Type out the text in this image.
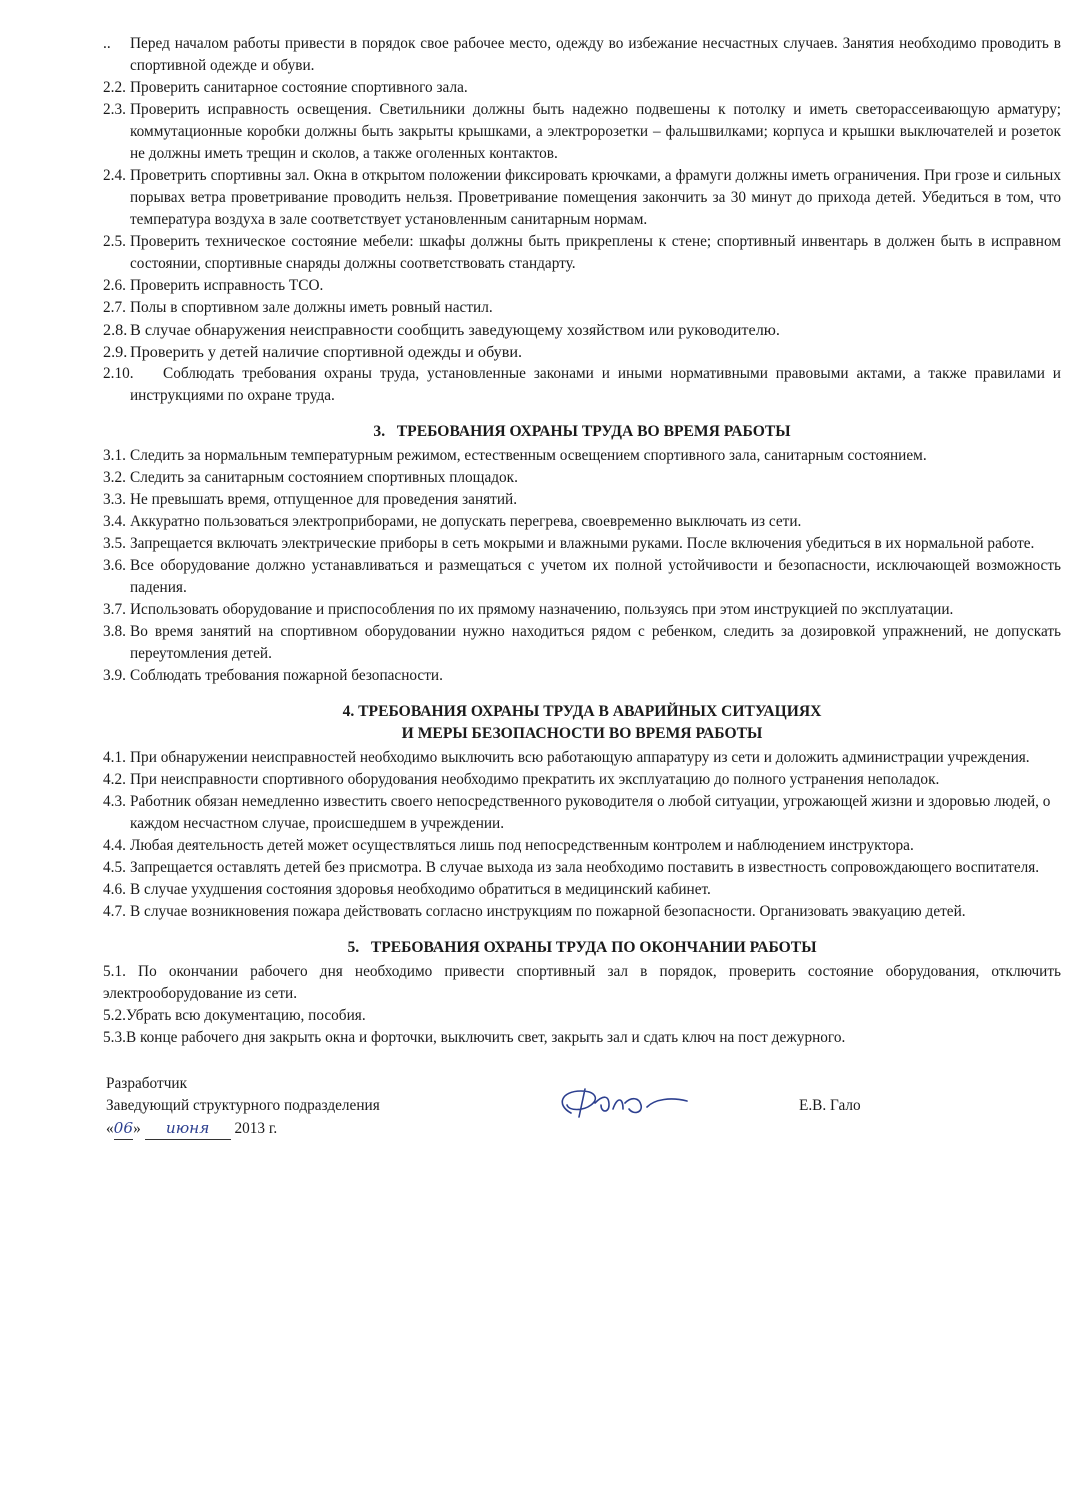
.. Перед началом работы привести в порядок свое рабочее место, одежду во избежание несчастных случаев. Занятия необходимо проводить в спортивной одежде и обуви.

2.2. Проверить санитарное состояние спортивного зала.

2.3. Проверить исправность освещения. Светильники должны быть надежно подвешены к потолку и иметь светорассеивающую арматуру; коммутационные коробки должны быть закрыты крышками, а электророзетки – фальшвилками; корпуса и крышки выключателей и розеток не должны иметь трещин и сколов, а также оголенных контактов.

2.4. Проветрить спортивны зал. Окна в открытом положении фиксировать крючками, а фрамуги должны иметь ограничения. При грозе и сильных порывах ветра проветривание проводить нельзя. Проветривание помещения закончить за 30 минут до прихода детей. Убедиться в том, что температура воздуха в зале соответствует установленным санитарным нормам.

2.5. Проверить техническое состояние мебели: шкафы должны быть прикреплены к стене; спортивный инвентарь в должен быть в исправном состоянии, спортивные снаряды должны соответствовать стандарту.

2.6. Проверить исправность ТСО.

2.7. Полы в спортивном зале должны иметь ровный настил.

2.8. В случае обнаружения неисправности сообщить заведующему хозяйством или руководителю.

2.9. Проверить у детей наличие спортивной одежды и обуви.

2.10. Соблюдать требования охраны труда, установленные законами и иными нормативными правовыми актами, а также правилами и инструкциями по охране труда.

3.   ТРЕБОВАНИЯ ОХРАНЫ ТРУДА ВО ВРЕМЯ РАБОТЫ

3.1. Следить за нормальным температурным режимом, естественным освещением спортивного зала, санитарным состоянием.

3.2. Следить за санитарным состоянием спортивных площадок.

3.3. Не превышать время, отпущенное для проведения занятий.

3.4. Аккуратно пользоваться электроприборами, не допускать перегрева, своевременно выключать из сети.

3.5. Запрещается включать электрические приборы в сеть мокрыми и влажными руками. После включения убедиться в их нормальной работе.

3.6. Все оборудование должно устанавливаться и размещаться с учетом их полной устойчивости и безопасности, исключающей возможность падения.

3.7. Использовать оборудование и приспособления по их прямому назначению, пользуясь при этом инструкцией по эксплуатации.

3.8. Во время занятий на спортивном оборудовании нужно находиться рядом с ребенком, следить за дозировкой упражнений, не допускать переутомления детей.

3.9. Соблюдать требования пожарной безопасности.

4. ТРЕБОВАНИЯ ОХРАНЫ ТРУДА В АВАРИЙНЫХ СИТУАЦИЯХ
И МЕРЫ БЕЗОПАСНОСТИ ВО ВРЕМЯ РАБОТЫ

4.1. При обнаружении неисправностей необходимо выключить всю работающую аппаратуру из сети и доложить администрации учреждения.

4.2. При неисправности спортивного оборудования необходимо прекратить их эксплуатацию до полного устранения неполадок.

4.3. Работник обязан немедленно известить своего непосредственного руководителя о любой ситуации, угрожающей жизни и здоровью людей, о каждом несчастном случае, происшедшем в учреждении.

4.4. Любая деятельность детей может осуществляться лишь под непосредственным контролем и наблюдением инструктора.

4.5. Запрещается оставлять детей без присмотра. В случае выхода из зала необходимо поставить в известность сопровождающего воспитателя.

4.6. В случае ухудшения состояния здоровья необходимо обратиться в медицинский кабинет.

4.7. В случае возникновения пожара действовать согласно инструкциям по пожарной безопасности. Организовать эвакуацию детей.

5.   ТРЕБОВАНИЯ ОХРАНЫ ТРУДА ПО ОКОНЧАНИИ РАБОТЫ

5.1. По окончании рабочего дня необходимо привести спортивный зал в порядок, проверить состояние оборудования, отключить электрооборудование из сети.

5.2.Убрать всю документацию, пособия.

5.3.В конце рабочего дня закрыть окна и форточки, выключить свет, закрыть зал и сдать ключ на пост дежурного.

Разработчик
Заведующий структурного подразделения
«06» июня 2013 г.
Е.В. Гало
